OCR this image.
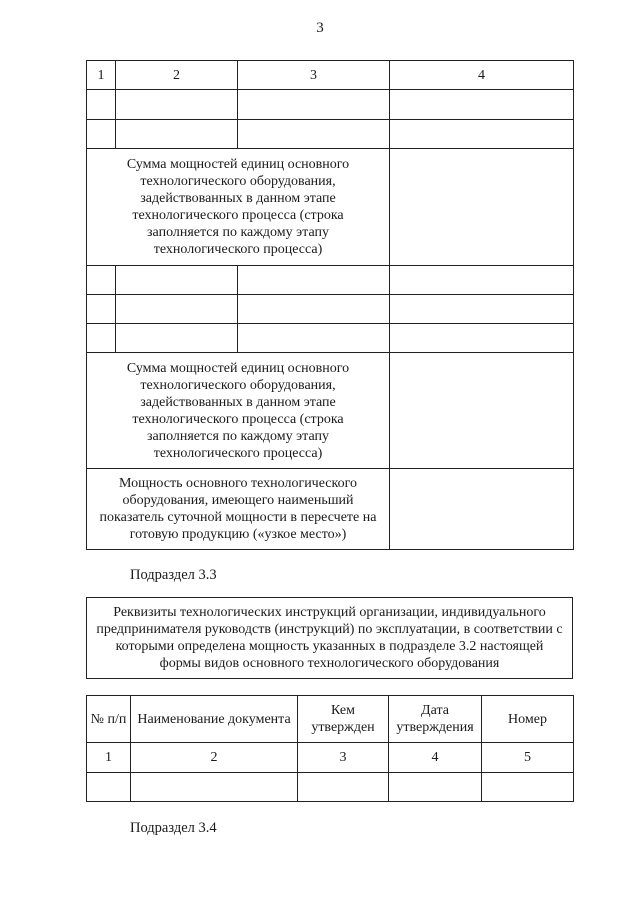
3
1	2	3	4

Сумма мощностей единиц основного технологического оборудования, задействованных в данном этапе технологического процесса (строка заполняется по каждому этапу технологического процесса)			

Сумма мощностей единиц основного технологического оборудования, задействованных в данном этапе технологического процесса (строка заполняется по каждому этапу технологического процесса)			
Мощность основного технологического оборудования, имеющего наименьший показатель суточной мощности в пересчете на готовую продукцию («узкое место»)			
Подраздел 3.3
Реквизиты технологических инструкций организации, индивидуального предпринимателя руководств (инструкций) по эксплуатации, в соответствии с которыми определена мощность указанных в подразделе 3.2 настоящей формы видов основного технологического оборудования
№ п/п	Наименование документа	Кем утвержден	Дата утверждения	Номер
1	2	3	4	5

Подраздел 3.4
